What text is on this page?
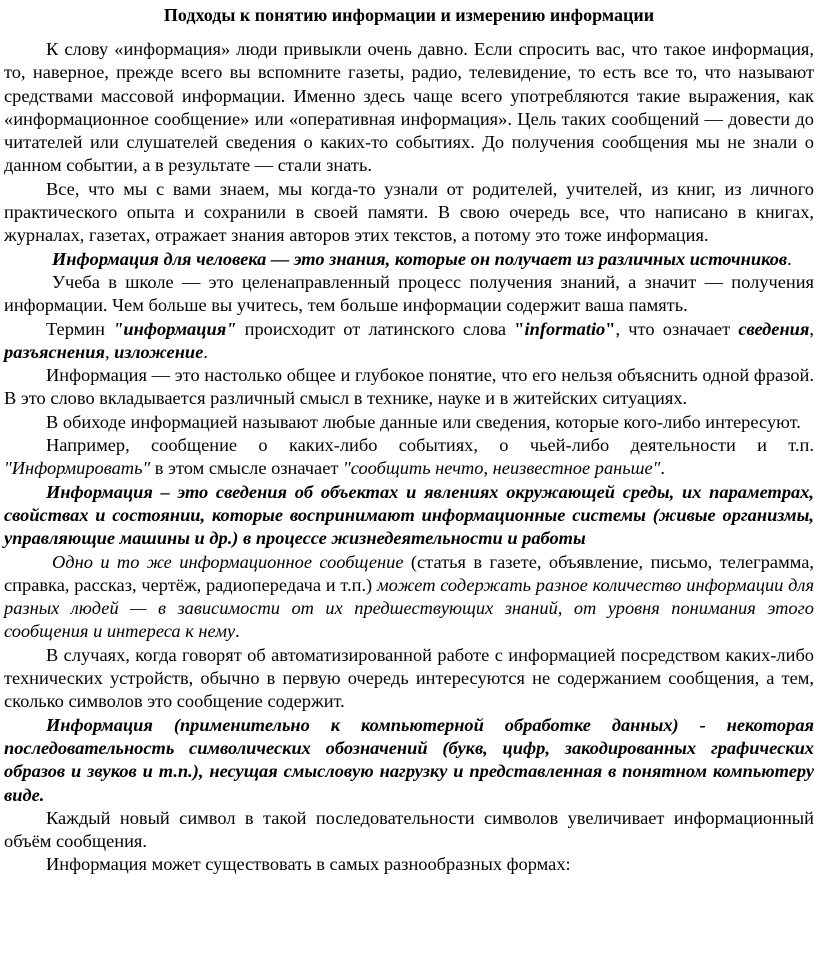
Подходы к понятию информации и измерению информации

К слову «информация» люди привыкли очень давно. Если спросить вас, что такое информация, то, наверное, прежде всего вы вспомните газеты, радио, телевидение, то есть все то, что называют средствами массовой информации. Именно здесь чаще всего употребляются такие выражения, как «информационное сообщение» или «оперативная информация». Цель таких сообщений — довести до читателей или слушателей сведения о каких-то событиях. До получения сообщения мы не знали о данном событии, а в результате — стали знать.

Все, что мы с вами знаем, мы когда-то узнали от родителей, учителей, из книг, из личного практического опыта и сохранили в своей памяти. В свою очередь все, что написано в книгах, журналах, газетах, отражает знания авторов этих текстов, а потому это тоже информация.

Информация для человека — это знания, которые он получает из различных источников.

Учеба в школе — это целенаправленный процесс получения знаний, а значит — получения информации. Чем больше вы учитесь, тем больше информации содержит ваша память.

Термин "информация" происходит от латинского слова "informatio", что означает сведения, разъяснения, изложение.

Информация — это настолько общее и глубокое понятие, что его нельзя объяснить одной фразой. В это слово вкладывается различный смысл в технике, науке и в житейских ситуациях.

В обиходе информацией называют любые данные или сведения, которые кого-либо интересуют.

Например, сообщение о каких-либо событиях, о чьей-либо деятельности и т.п. "Информировать" в этом смысле означает "сообщить нечто, неизвестное раньше".

Информация – это сведения об объектах и явлениях окружающей среды, их параметрах, свойствах и состоянии, которые воспринимают информационные системы (живые организмы, управляющие машины и др.) в процессе жизнедеятельности и работы

Одно и то же информационное сообщение (статья в газете, объявление, письмо, телеграмма, справка, рассказ, чертёж, радиопередача и т.п.) может содержать разное количество информации для разных людей — в зависимости от их предшествующих знаний, от уровня понимания этого сообщения и интереса к нему.

В случаях, когда говорят об автоматизированной работе с информацией посредством каких-либо технических устройств, обычно в первую очередь интересуются не содержанием сообщения, а тем, сколько символов это сообщение содержит.

Информация (применительно к компьютерной обработке данных) - некоторая последовательность символических обозначений (букв, цифр, закодированных графических образов и звуков и т.п.), несущая смысловую нагрузку и представленная в понятном компьютеру виде.

Каждый новый символ в такой последовательности символов увеличивает информационный объём сообщения.

Информация может существовать в самых разнообразных формах:
